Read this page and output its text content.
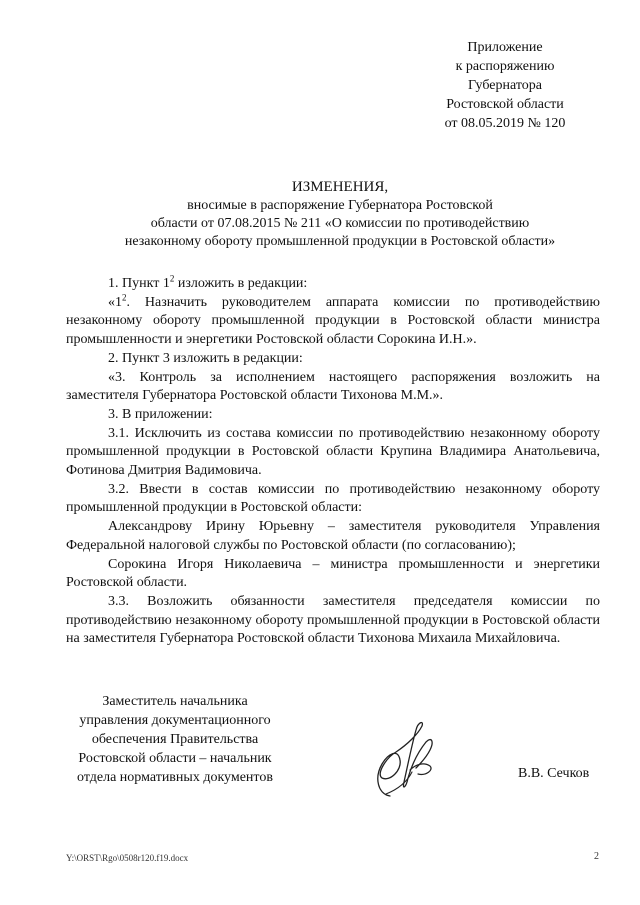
Приложение
к распоряжению
Губернатора
Ростовской области
от 08.05.2019 № 120
ИЗМЕНЕНИЯ,
вносимые в распоряжение Губернатора Ростовской
области от 07.08.2015 № 211 «О комиссии по противодействию
незаконному обороту промышленной продукции в Ростовской области»

1. Пункт $1^2$ изложить в редакции:

«$1^2$. Назначить руководителем аппарата комиссии по противодействию незаконному обороту промышленной продукции в Ростовской области министра промышленности и энергетики Ростовской области Сорокина И.Н.».

2. Пункт 3 изложить в редакции:

«3. Контроль за исполнением настоящего распоряжения возложить на заместителя Губернатора Ростовской области Тихонова М.М.».

3. В приложении:

3.1. Исключить из состава комиссии по противодействию незаконному обороту промышленной продукции в Ростовской области Крупина Владимира Анатольевича, Фотинова Дмитрия Вадимовича.

3.2. Ввести в состав комиссии по противодействию незаконному обороту промышленной продукции в Ростовской области:

Александрову Ирину Юрьевну – заместителя руководителя Управления Федеральной налоговой службы по Ростовской области (по согласованию);

Сорокина Игоря Николаевича – министра промышленности и энергетики Ростовской области.

3.3. Возложить обязанности заместителя председателя комиссии по противодействию незаконному обороту промышленной продукции в Ростовской области на заместителя Губернатора Ростовской области Тихонова Михаила Михайловича.

Заместитель начальника
управления документационного
обеспечения Правительства
Ростовской области – начальник
отдела нормативных документов	В.В. Сечков
Y:\ORST\Rgo\0508r120.f19.docx	2
